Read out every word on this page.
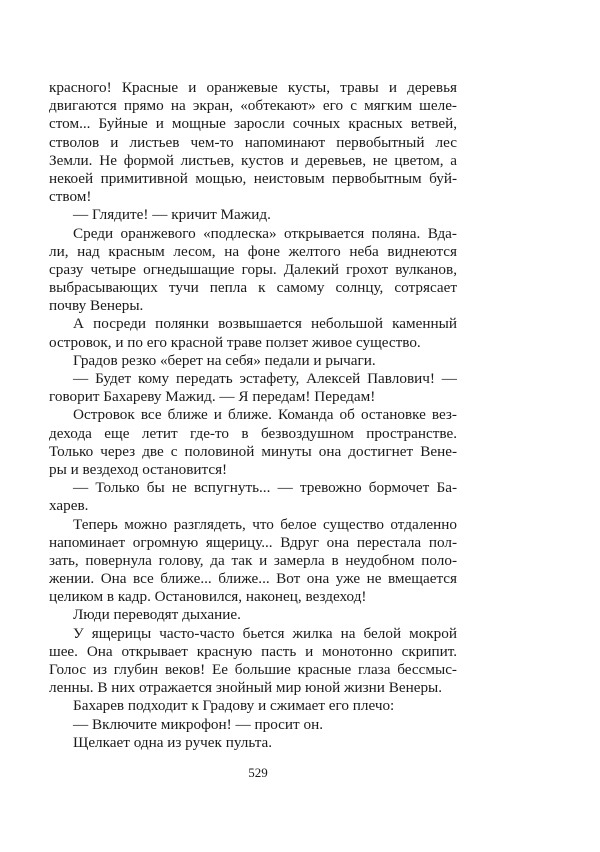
красного! Красные и оранжевые кусты, травы и деревья
двигаются прямо на экран, «обтекают» его с мягким шеле-
стом... Буйные и мощные заросли сочных красных ветвей,
стволов и листьев чем-то напоминают первобытный лес
Земли. Не формой листьев, кустов и деревьев, не цветом, а
некоей примитивной мощью, неистовым первобытным буй-
ством!
— Глядите! — кричит Мажид.
Среди оранжевого «подлеска» открывается поляна. Вда-
ли, над красным лесом, на фоне желтого неба виднеются
сразу четыре огнедышащие горы. Далекий грохот вулканов,
выбрасывающих тучи пепла к самому солнцу, сотрясает
почву Венеры.
А посреди полянки возвышается небольшой каменный
островок, и по его красной траве ползет живое существо.
Градов резко «берет на себя» педали и рычаги.
— Будет кому передать эстафету, Алексей Павлович! —
говорит Бахареву Мажид. — Я передам! Передам!
Островок все ближе и ближе. Команда об остановке вез-
дехода еще летит где-то в безвоздушном пространстве.
Только через две с половиной минуты она достигнет Вене-
ры и вездеход остановится!
— Только бы не вспугнуть... — тревожно бормочет Ба-
харев.
Теперь можно разглядеть, что белое существо отдаленно
напоминает огромную ящерицу... Вдруг она перестала пол-
зать, повернула голову, да так и замерла в неудобном поло-
жении. Она все ближе... ближе... Вот она уже не вмещается
целиком в кадр. Остановился, наконец, вездеход!
Люди переводят дыхание.
У ящерицы часто-часто бьется жилка на белой мокрой
шее. Она открывает красную пасть и монотонно скрипит.
Голос из глубин веков! Ее большие красные глаза бессмыс-
ленны. В них отражается знойный мир юной жизни Венеры.
Бахарев подходит к Градову и сжимает его плечо:
— Включите микрофон! — просит он.
Щелкает одна из ручек пульта.
529
